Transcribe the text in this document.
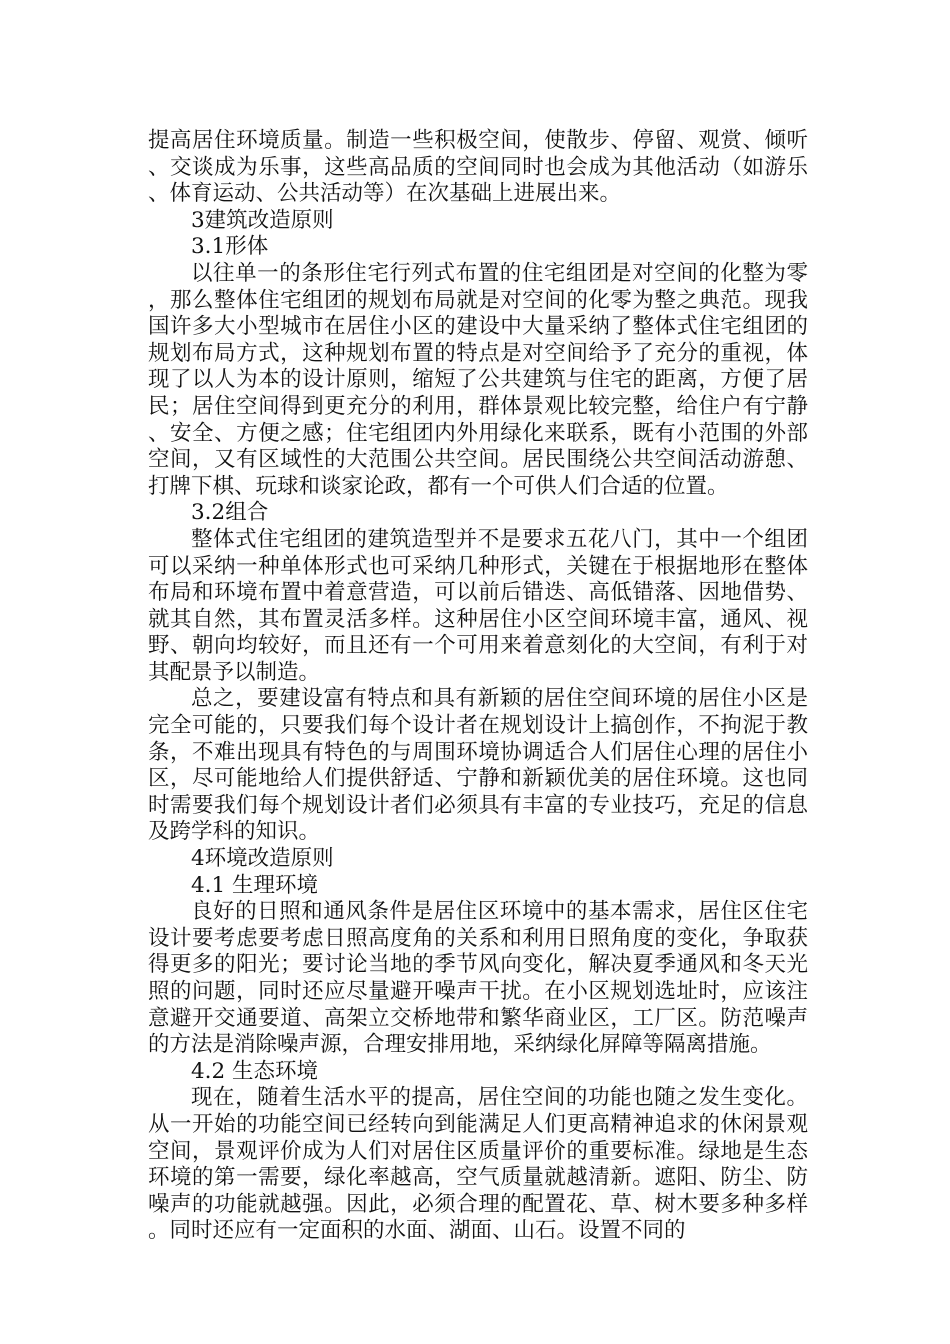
提高居住环境质量。制造一些积极空间，使散步、停留、观赏、倾听、交谈成为乐事，这些高品质的空间同时也会成为其他活动（如游乐、体育运动、公共活动等）在次基础上进展出来。

3建筑改造原则

3.1形体

以往单一的条形住宅行列式布置的住宅组团是对空间的化整为零，那么整体住宅组团的规划布局就是对空间的化零为整之典范。现我国许多大小型城市在居住小区的建设中大量采纳了整体式住宅组团的规划布局方式，这种规划布置的特点是对空间给予了充分的重视，体现了以人为本的设计原则，缩短了公共建筑与住宅的距离，方便了居民；居住空间得到更充分的利用，群体景观比较完整，给住户有宁静、安全、方便之感；住宅组团内外用绿化来联系，既有小范围的外部空间，又有区域性的大范围公共空间。居民围绕公共空间活动游憩、打牌下棋、玩球和谈家论政，都有一个可供人们合适的位置。

3.2组合

整体式住宅组团的建筑造型并不是要求五花八门，其中一个组团可以采纳一种单体形式也可采纳几种形式，关键在于根据地形在整体布局和环境布置中着意营造，可以前后错迭、高低错落、因地借势、就其自然，其布置灵活多样。这种居住小区空间环境丰富，通风、视野、朝向均较好，而且还有一个可用来着意刻化的大空间，有利于对其配景予以制造。

总之，要建设富有特点和具有新颖的居住空间环境的居住小区是完全可能的，只要我们每个设计者在规划设计上搞创作，不拘泥于教条，不难出现具有特色的与周围环境协调适合人们居住心理的居住小区，尽可能地给人们提供舒适、宁静和新颖优美的居住环境。这也同时需要我们每个规划设计者们必须具有丰富的专业技巧，充足的信息及跨学科的知识。

4环境改造原则

4.1 生理环境

良好的日照和通风条件是居住区环境中的基本需求，居住区住宅设计要考虑要考虑日照高度角的关系和利用日照角度的变化，争取获得更多的阳光；要讨论当地的季节风向变化，解决夏季通风和冬天光照的问题，同时还应尽量避开噪声干扰。在小区规划选址时，应该注意避开交通要道、高架立交桥地带和繁华商业区，工厂区。防范噪声的方法是消除噪声源，合理安排用地，采纳绿化屏障等隔离措施。

4.2 生态环境

现在，随着生活水平的提高，居住空间的功能也随之发生变化。从一开始的功能空间已经转向到能满足人们更高精神追求的休闲景观空间，景观评价成为人们对居住区质量评价的重要标准。绿地是生态环境的第一需要，绿化率越高，空气质量就越清新。遮阳、防尘、防噪声的功能就越强。因此，必须合理的配置花、草、树木要多种多样。同时还应有一定面积的水面、湖面、山石。设置不同的
